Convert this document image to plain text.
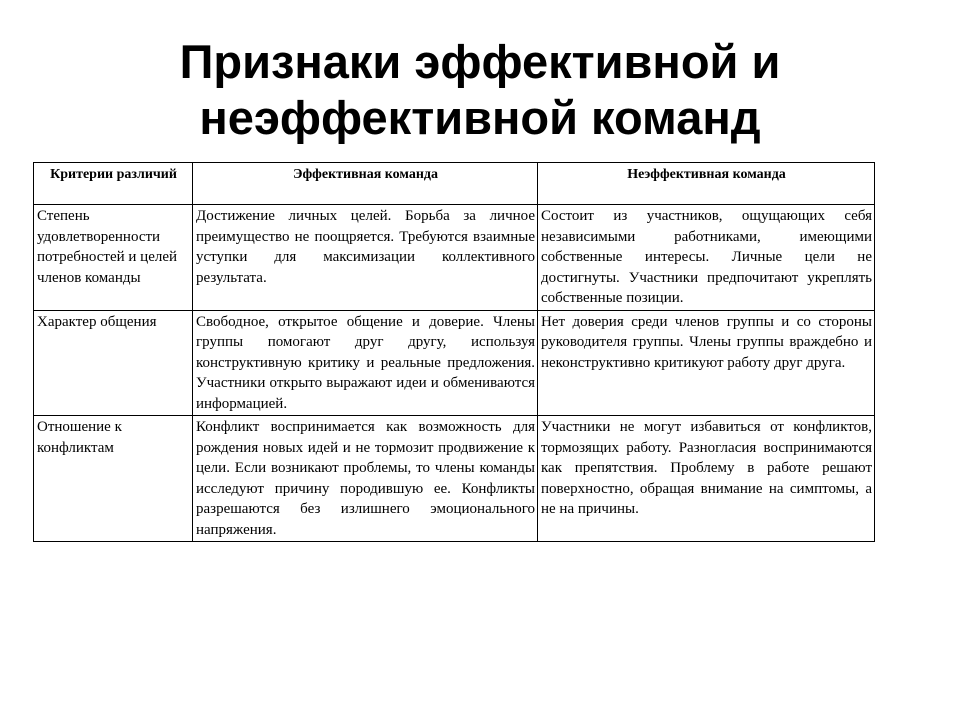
Признаки эффективной и
неэффективной команд
Критерии различий	Эффективная команда	Неэффективная команда
Степень удовлетворенности потребностей и целей членов команды	Достижение личных целей. Борьба за личное преимущество не поощряется. Требуются взаимные уступки для максимизации коллективного результата.	Состоит из участников, ощущающих себя независимыми работниками, имеющими собственные интересы. Личные цели не достигнуты. Участники предпочитают укреплять собственные позиции.
Характер общения	Свободное, открытое общение и доверие. Члены группы помогают друг другу, используя конструктивную критику и реальные предложения. Участники открыто выражают идеи и обмениваются информацией.	Нет доверия среди членов группы и со стороны руководителя группы. Члены группы враждебно и неконструктивно критикуют работу друг друга.
Отношение к конфликтам	Конфликт воспринимается как возможность для рождения новых идей и не тормозит продвижение к цели. Если возникают проблемы, то члены команды исследуют причину породившую ее. Конфликты разрешаются без излишнего эмоционального напряжения.	Участники не могут избавиться от конфликтов, тормозящих работу. Разногласия воспринимаются как препятствия. Проблему в работе решают поверхностно, обращая внимание на симптомы, а не на причины.
